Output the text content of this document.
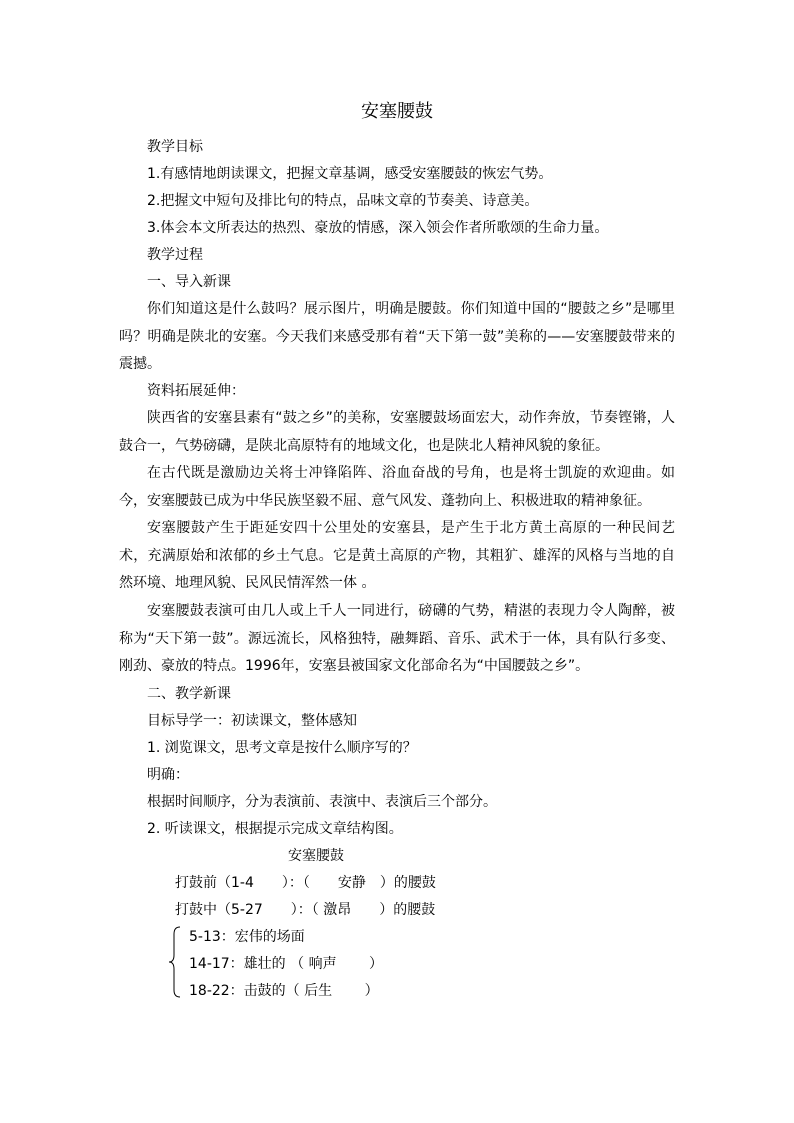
安塞腰鼓
教学目标
1.有感情地朗读课文，把握文章基调，感受安塞腰鼓的恢宏气势。
2.把握文中短句及排比句的特点，品味文章的节奏美、诗意美。
3.体会本文所表达的热烈、豪放的情感，深入领会作者所歌颂的生命力量。
教学过程
一、导入新课
你们知道这是什么鼓吗？展示图片，明确是腰鼓。你们知道中国的“腰鼓之乡”是哪里吗？明确是陕北的安塞。今天我们来感受那有着“天下第一鼓”美称的——安塞腰鼓带来的震撼。
资料拓展延伸：
陕西省的安塞县素有“鼓之乡”的美称，安塞腰鼓场面宏大，动作奔放，节奏铿锵，人鼓合一，气势磅礴，是陕北高原特有的地域文化，也是陕北人精神风貌的象征。
在古代既是激励边关将士冲锋陷阵、浴血奋战的号角，也是将士凯旋的欢迎曲。如今，安塞腰鼓已成为中华民族坚毅不屈、意气风发、蓬勃向上、积极进取的精神象征。
安塞腰鼓产生于距延安四十公里处的安塞县，是产生于北方黄土高原的一种民间艺术，充满原始和浓郁的乡土气息。它是黄土高原的产物，其粗犷、雄浑的风格与当地的自然环境、地理风貌、民风民情浑然一体 。
安塞腰鼓表演可由几人或上千人一同进行，磅礴的气势，精湛的表现力令人陶醉，被称为“天下第一鼓”。源远流长，风格独特，融舞蹈、音乐、武术于一体，具有队行多变、刚劲、豪放的特点。1996年，安塞县被国家文化部命名为“中国腰鼓之乡”。
二、教学新课
目标导学一：初读课文，整体感知
1. 浏览课文，思考文章是按什么顺序写的？
明确：
根据时间顺序，分为表演前、表演中、表演后三个部分。
2. 听读课文，根据提示完成文章结构图。
安塞腰鼓
打鼓前（1-4　　）：（　　安静　）的腰鼓
打鼓中（5-27　　）：（ 激昂　　）的腰鼓
5-13：宏伟的场面
14-17：雄壮的 （ 响声　　 ）
18-22：击鼓的（ 后生　　 ）
